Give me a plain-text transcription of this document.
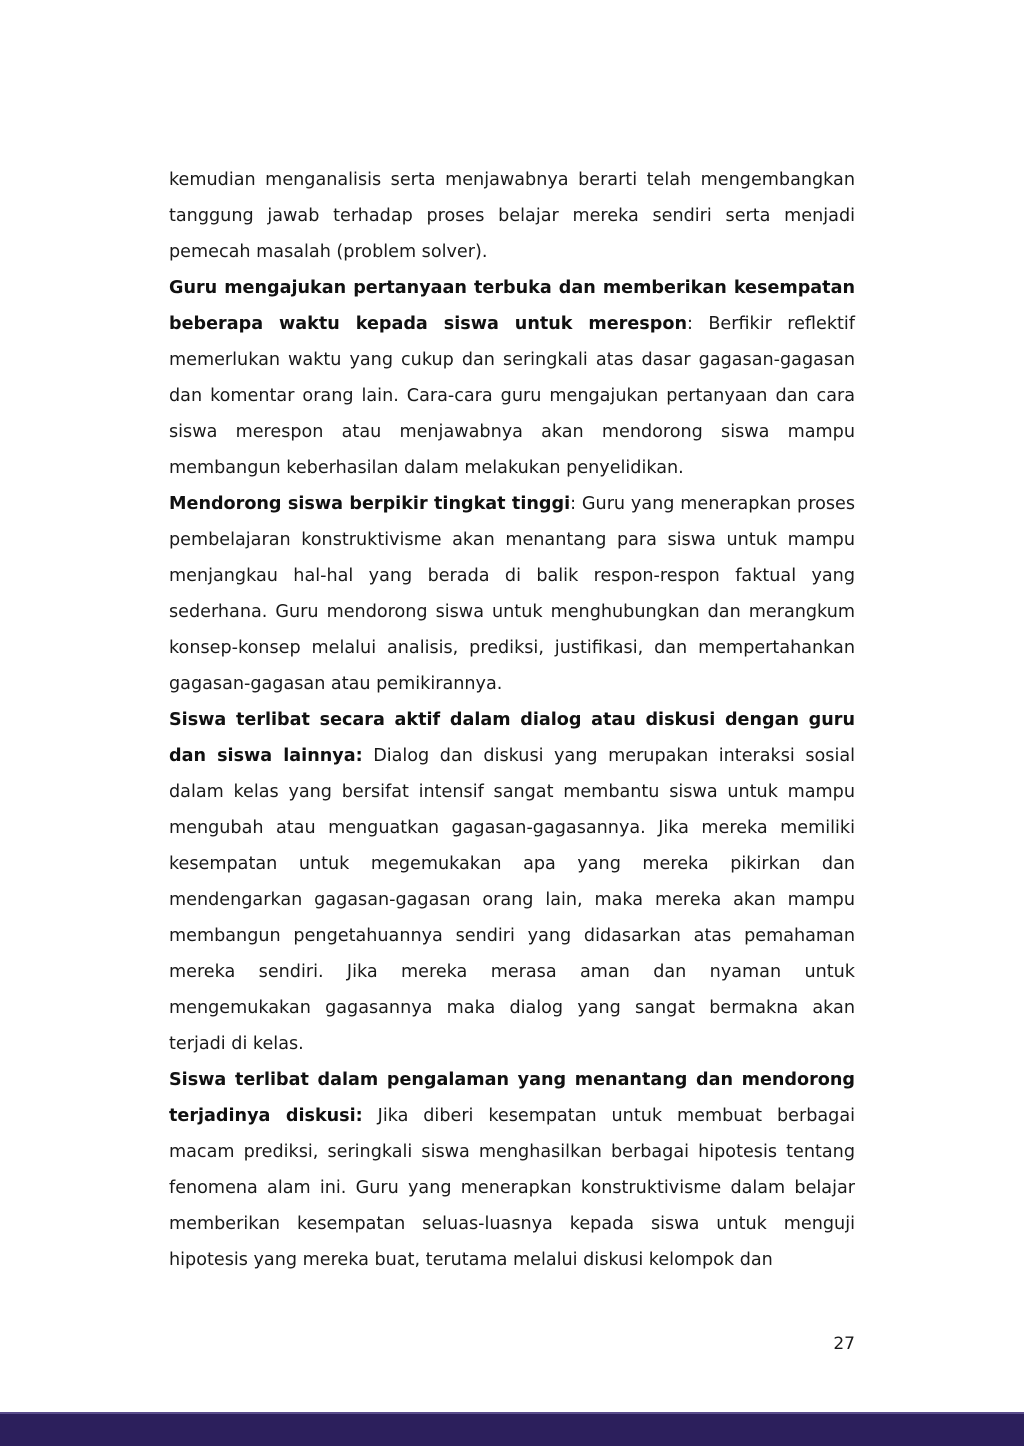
kemudian menganalisis serta menjawabnya berarti telah mengembangkan tanggung jawab terhadap proses belajar mereka sendiri serta menjadi pemecah masalah (problem solver).

Guru mengajukan pertanyaan terbuka dan memberikan kesempatan beberapa waktu kepada siswa untuk merespon: Berfikir reflektif memerlukan waktu yang cukup dan seringkali atas dasar gagasan-gagasan dan komentar orang lain. Cara-cara guru mengajukan pertanyaan dan cara siswa merespon atau menjawabnya akan mendorong siswa mampu membangun keberhasilan dalam melakukan penyelidikan.

Mendorong siswa berpikir tingkat tinggi: Guru yang menerapkan proses pembelajaran konstruktivisme akan menantang para siswa untuk mampu menjangkau hal-hal yang berada di balik respon-respon faktual yang sederhana. Guru mendorong siswa untuk menghubungkan dan merangkum konsep-konsep melalui analisis, prediksi, justifikasi, dan mempertahankan gagasan-gagasan atau pemikirannya.

Siswa terlibat secara aktif dalam dialog atau diskusi dengan guru dan siswa lainnya: Dialog dan diskusi yang merupakan interaksi sosial dalam kelas yang bersifat intensif sangat membantu siswa untuk mampu mengubah atau menguatkan gagasan-gagasannya. Jika mereka memiliki kesempatan untuk megemukakan apa yang mereka pikirkan dan mendengarkan gagasan-gagasan orang lain, maka mereka akan mampu membangun pengetahuannya sendiri yang didasarkan atas pemahaman mereka sendiri. Jika mereka merasa aman dan nyaman untuk mengemukakan gagasannya maka dialog yang sangat bermakna akan terjadi di kelas.

Siswa terlibat dalam pengalaman yang menantang dan mendorong terjadinya diskusi: Jika diberi kesempatan untuk membuat berbagai macam prediksi, seringkali siswa menghasilkan berbagai hipotesis tentang fenomena alam ini. Guru yang menerapkan konstruktivisme dalam belajar memberikan kesempatan seluas-luasnya kepada siswa untuk menguji hipotesis yang mereka buat, terutama melalui diskusi kelompok dan

27
